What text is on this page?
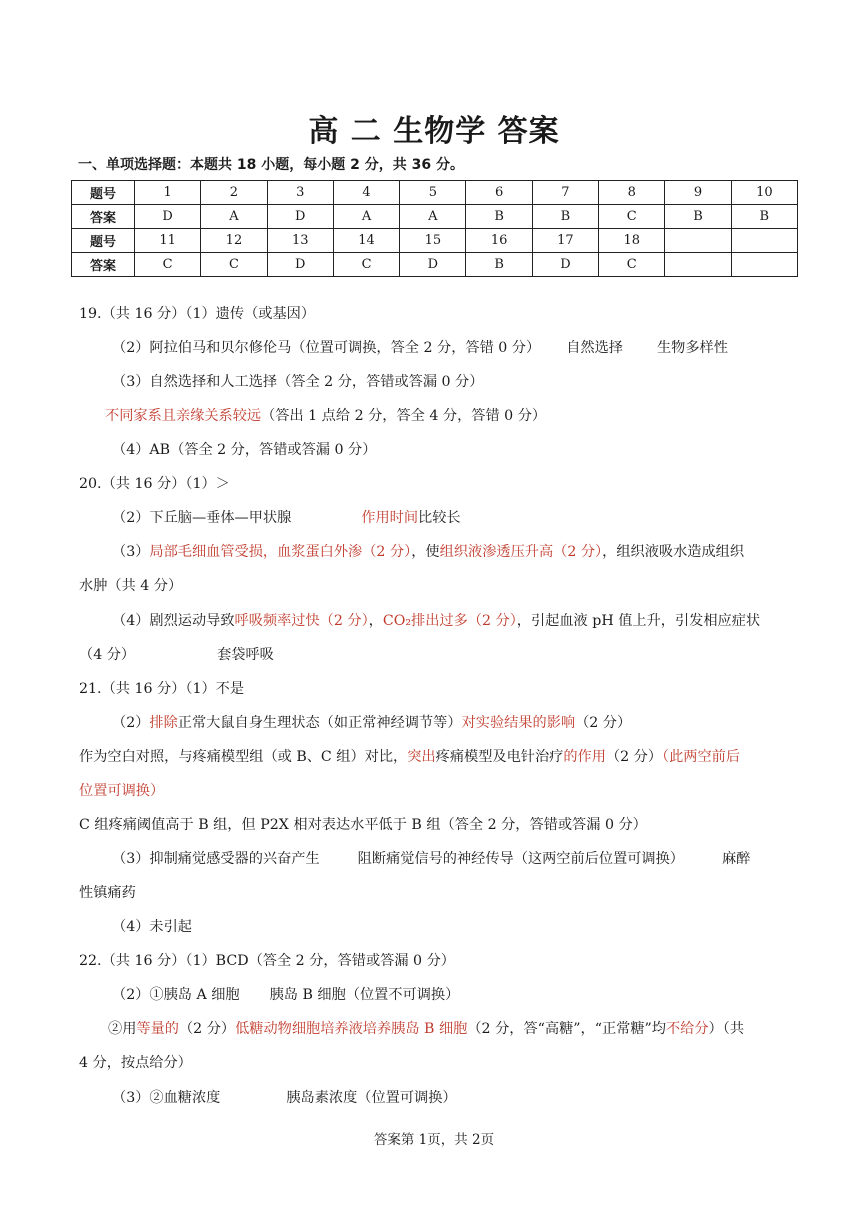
高 二 生物学 答案
一、单项选择题：本题共 18 小题，每小题 2 分，共 36 分。
题号	1	2	3	4	5	6	7	8	9	10
答案	D	A	D	A	A	B	B	C	B	B
题号	11	12	13	14	15	16	17	18		
答案	C	C	D	C	D	B	D	C		
19.（共 16 分）（1）遗传（或基因）
（2）阿拉伯马和贝尔修伦马（位置可调换，答全 2 分，答错 0 分） 自然选择 生物多样性
（3）自然选择和人工选择（答全 2 分，答错或答漏 0 分）
不同家系且亲缘关系较远（答出 1 点给 2 分，答全 4 分，答错 0 分）
（4）AB（答全 2 分，答错或答漏 0 分）
20.（共 16 分）（1）＞
（2）下丘脑—垂体—甲状腺	作用时间比较长
（3）局部毛细血管受损，血浆蛋白外渗（2 分），使组织液渗透压升高（2 分），组织液吸水造成组织
水肿（共 4 分）
（4）剧烈运动导致呼吸频率过快（2 分），CO₂排出过多（2 分），引起血液 pH 值上升，引发相应症状
（4 分）	套袋呼吸
21.（共 16 分）（1）不是
（2）排除正常大鼠自身生理状态（如正常神经调节等）对实验结果的影响（2 分）
作为空白对照，与疼痛模型组（或 B、C 组）对比，突出疼痛模型及电针治疗的作用（2 分）（此两空前后
位置可调换）
C 组疼痛阈值高于 B 组，但 P2X 相对表达水平低于 B 组（答全 2 分，答错或答漏 0 分）
（3）抑制痛觉感受器的兴奋产生	阻断痛觉信号的神经传导（这两空前后位置可调换）	麻醉
性镇痛药
（4）未引起
22.（共 16 分）（1）BCD（答全 2 分，答错或答漏 0 分）
（2）①胰岛 A 细胞 胰岛 B 细胞（位置不可调换）
②用等量的（2 分）低糖动物细胞培养液培养胰岛 B 细胞（2 分，答“高糖”，“正常糖”均不给分）（共
4 分，按点给分）
（3）②血糖浓度	胰岛素浓度（位置可调换）
答案第 1页，共 2页
